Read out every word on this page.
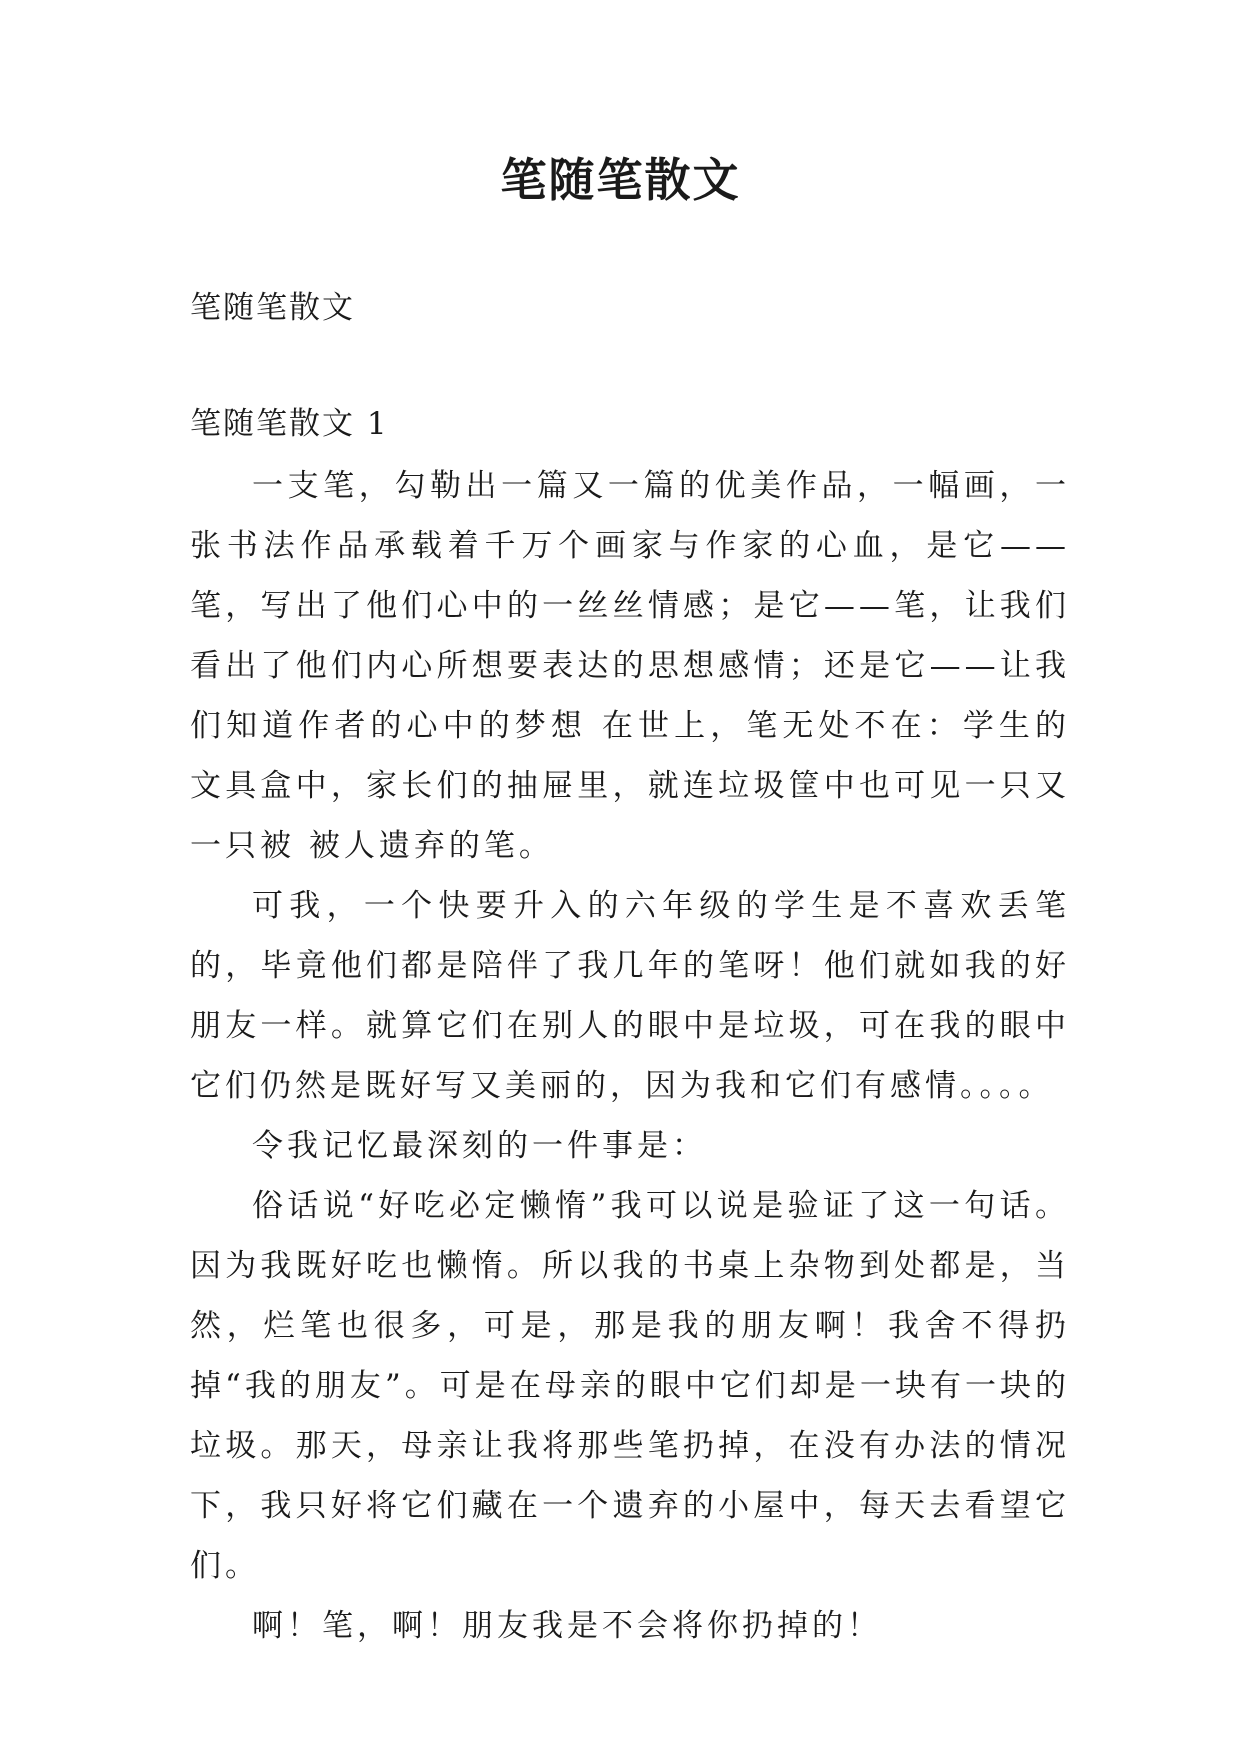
笔随笔散文

笔随笔散文

笔随笔散文 1

一支笔，勾勒出一篇又一篇的优美作品，一幅画，一张书法作品承载着千万个画家与作家的心血，是它——笔，写出了他们心中的一丝丝情感；是它——笔，让我们看出了他们内心所想要表达的思想感情；还是它——让我们知道作者的心中的梦想 在世上，笔无处不在：学生的文具盒中，家长们的抽屉里，就连垃圾筐中也可见一只又一只被 被人遗弃的笔。

可我，一个快要升入的六年级的学生是不喜欢丢笔的，毕竟他们都是陪伴了我几年的笔呀！他们就如我的好朋友一样。就算它们在别人的眼中是垃圾，可在我的眼中它们仍然是既好写又美丽的，因为我和它们有感情。。。。

令我记忆最深刻的一件事是：

俗话说“好吃必定懒惰”我可以说是验证了这一句话。因为我既好吃也懒惰。所以我的书桌上杂物到处都是，当然，烂笔也很多，可是，那是我的朋友啊！我舍不得扔掉“我的朋友”。可是在母亲的眼中它们却是一块有一块的垃圾。那天，母亲让我将那些笔扔掉，在没有办法的情况下，我只好将它们藏在一个遗弃的小屋中，每天去看望它们。

啊！笔，啊！朋友我是不会将你扔掉的！
